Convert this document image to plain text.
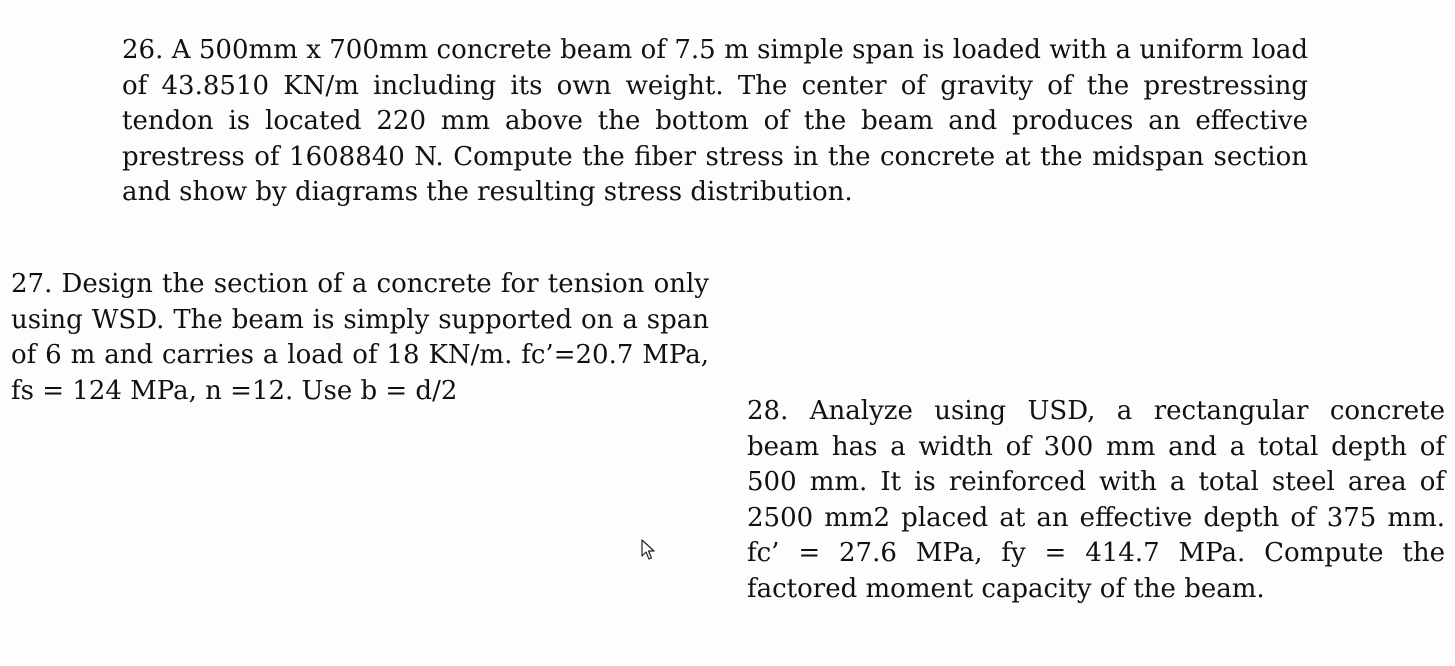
26. A 500mm x 700mm concrete beam of 7.5 m simple span is loaded with a uniform load of 43.8510 KN/m including its own weight. The center of gravity of the prestressing tendon is located 220 mm above the bottom of the beam and produces an effective prestress of 1608840 N. Compute the fiber stress in the concrete at the midspan section and show by diagrams the resulting stress distribution.

27. Design the section of a concrete for tension only using WSD. The beam is simply supported on a span of 6 m and carries a load of 18 KN/m. fc’=20.7 MPa, fs = 124 MPa, n =12. Use b = d/2

28. Analyze using USD, a rectangular concrete beam has a width of 300 mm and a total depth of 500 mm. It is reinforced with a total steel area of 2500 mm2 placed at an effective depth of 375 mm. fc’ = 27.6 MPa, fy = 414.7 MPa. Compute the factored moment capacity of the beam.
